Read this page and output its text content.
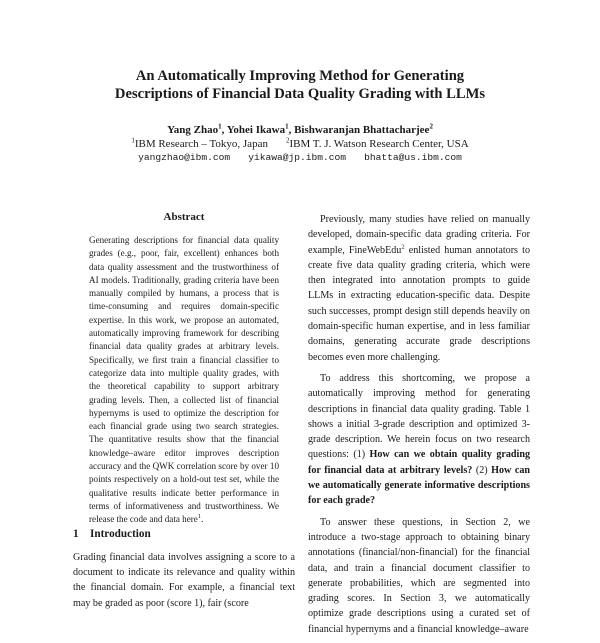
An Automatically Improving Method for Generating
Descriptions of Financial Data Quality Grading with LLMs
Yang Zhao$^1$, Yohei Ikawa$^1$, Bishwaranjan Bhattacharjee$^2$
$^1$IBM Research – Tokyo, Japan	$^2$IBM T. J. Watson Research Center, USA
yangzhao@ibm.com yikawa@jp.ibm.com bhatta@us.ibm.com
Abstract
Generating descriptions for financial data quality grades (e.g., poor, fair, excellent) enhances both data quality assessment and the trustworthiness of AI models. Traditionally, grading criteria have been manually compiled by humans, a process that is time-consuming and requires domain-specific expertise. In this work, we propose an automated, automatically improving framework for describing financial data quality grades at arbitrary levels. Specifically, we first train a financial classifier to categorize data into multiple quality grades, with the theoretical capability to support arbitrary grading levels. Then, a collected list of financial hypernyms is used to optimize the description for each financial grade using two search strategies. The quantitative results show that the financial knowledge–aware editor improves description accuracy and the QWK correlation score by over 10 points respectively on a hold-out test set, while the qualitative results indicate better performance in terms of informativeness and trustworthiness. We release the code and data here$^1$.
1 Introduction
Grading financial data involves assigning a score to a document to indicate its relevance and quality within the financial domain. For example, a financial text may be graded as poor (score 1), fair (score

Previously, many studies have relied on manually developed, domain-specific data grading criteria. For example, FineWebEdu$^2$ enlisted human annotators to create five data quality grading criteria, which were then integrated into annotation prompts to guide LLMs in extracting education-specific data. Despite such successes, prompt design still depends heavily on domain-specific human expertise, and in less familiar domains, generating accurate grade descriptions becomes even more challenging.

To address this shortcoming, we propose a automatically improving method for generating descriptions in financial data quality grading. Table 1 shows a initial 3-grade description and optimized 3-grade description. We herein focus on two research questions: (1) How can we obtain quality grading for financial data at arbitrary levels? (2) How can we automatically generate informative descriptions for each grade?

To answer these questions, in Section 2, we introduce a two-stage approach to obtaining binary annotations (financial/non-financial) for the financial data, and train a financial document classifier to generate probabilities, which are segmented into grading scores. In Section 3, we automatically optimize grade descriptions using a curated set of financial hypernyms and a financial knowledge–aware
